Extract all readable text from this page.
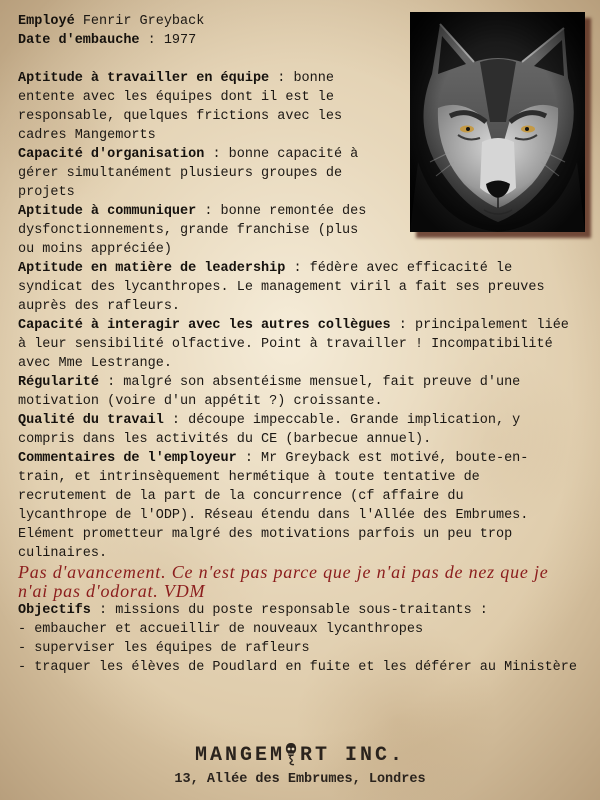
Employé Fenrir Greyback
Date d'embauche : 1977
Aptitude à travailler en équipe : bonne
entente avec les équipes dont il est le
responsable, quelques frictions avec les
cadres Mangemorts
Capacité d'organisation : bonne capacité à
gérer simultanément plusieurs groupes de
projets
Aptitude à communiquer : bonne remontée des
dysfonctionnements, grande franchise (plus
ou moins appréciée)
Aptitude en matière de leadership : fédère avec efficacité le
syndicat des lycanthropes. Le management viril a fait ses preuves
auprès des rafleurs.
Capacité à interagir avec les autres collègues : principalement liée
à leur sensibilité olfactive. Point à travailler ! Incompatibilité
avec Mme Lestrange.
Régularité : malgré son absentéisme mensuel, fait preuve d'une
motivation (voire d'un appétit ?) croissante.
Qualité du travail : découpe impeccable. Grande implication, y
compris dans les activités du CE (barbecue annuel).
Commentaires de l'employeur : Mr Greyback est motivé, boute-en-
train, et intrinsèquement hermétique à toute tentative de
recrutement de la part de la concurrence (cf affaire du
lycanthrope de l'ODP). Réseau étendu dans l'Allée des Embrumes.
Elément prometteur malgré des motivations parfois un peu trop
culinaires.
Pas d'avancement. Ce n'est pas parce que je n'ai pas de nez que je
n'ai pas d'odorat. VDM
Objectifs : missions du poste responsable sous-traitants :
- embaucher et accueillir de nouveaux lycanthropes
- superviser les équipes de rafleurs
- traquer les élèves de Poudlard en fuite et les déférer au Ministère
MANGEM RT INC.
13, Allée des Embrumes, Londres
